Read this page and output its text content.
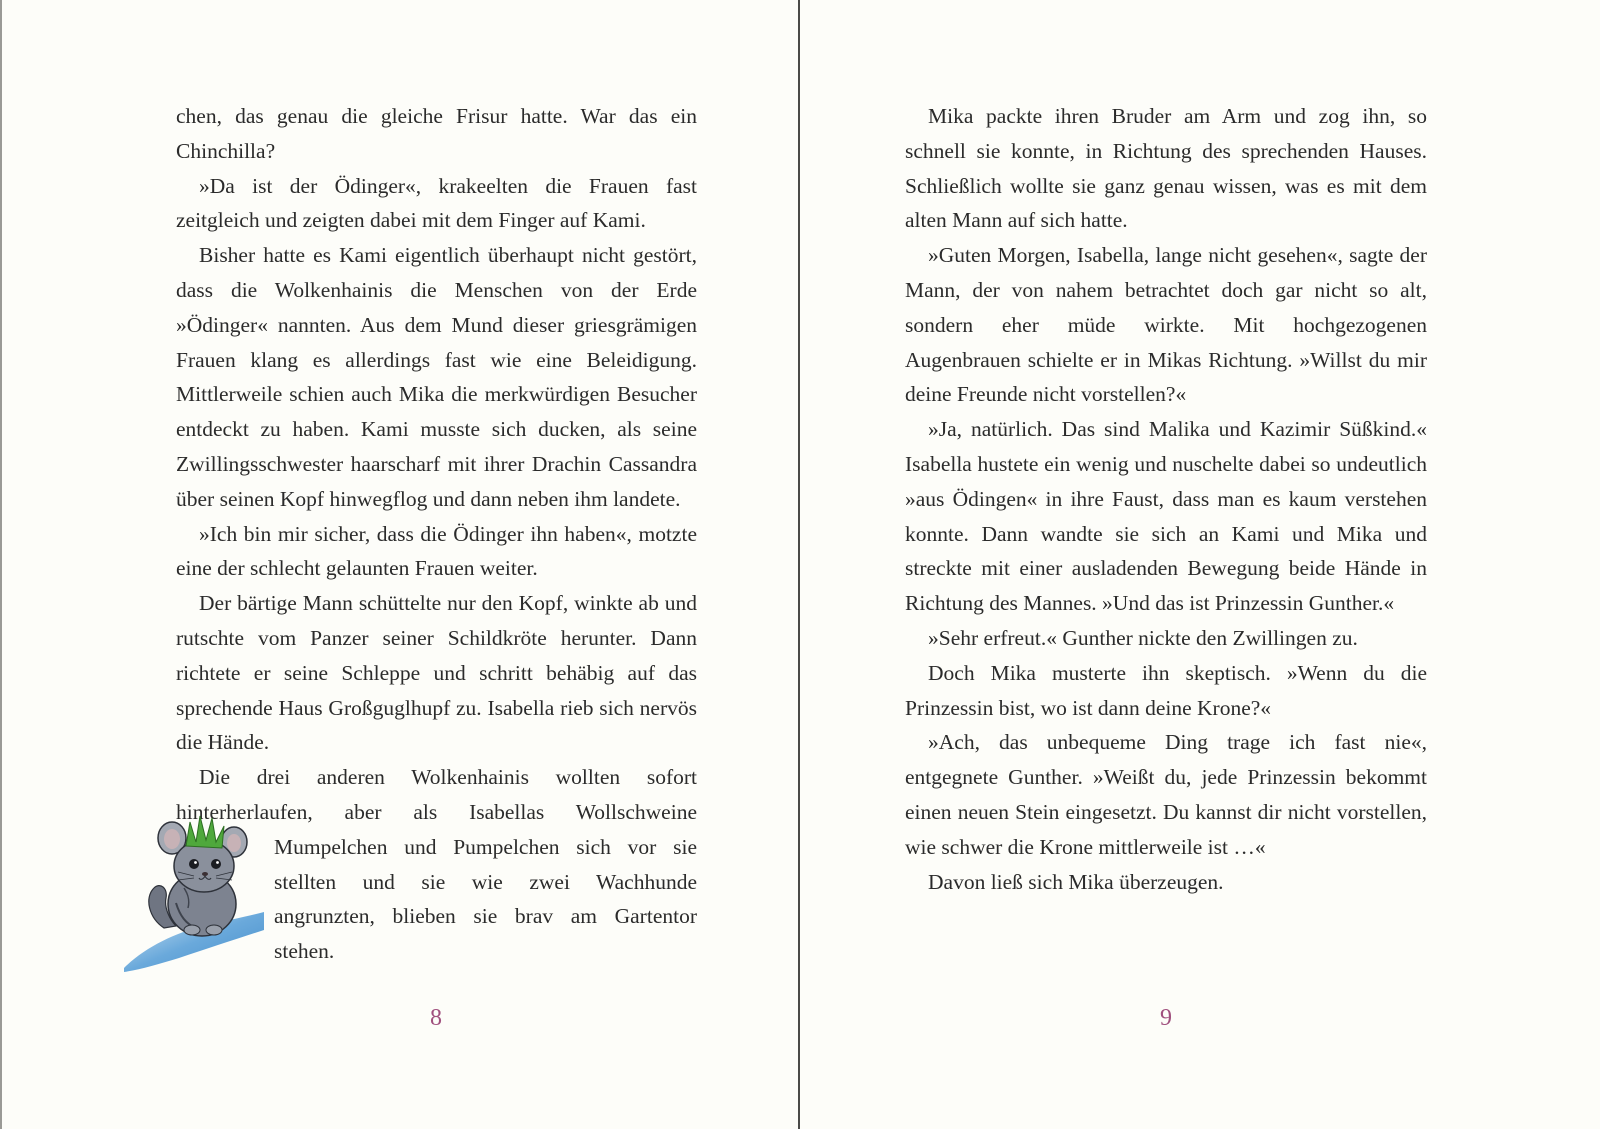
chen, das genau die gleiche Frisur hatte. War das ein Chinchilla?

»Da ist der Ödinger«, krakeelten die Frauen fast zeitgleich und zeigten dabei mit dem Finger auf Kami.

Bisher hatte es Kami eigentlich überhaupt nicht gestört, dass die Wolkenhainis die Menschen von der Erde »Ödinger« nannten. Aus dem Mund dieser griesgrämigen Frauen klang es allerdings fast wie eine Beleidigung. Mittlerweile schien auch Mika die merkwürdigen Besucher entdeckt zu haben. Kami musste sich ducken, als seine Zwillingsschwester haarscharf mit ihrer Drachin Cassandra über seinen Kopf hinwegflog und dann neben ihm landete.

»Ich bin mir sicher, dass die Ödinger ihn haben«, motzte eine der schlecht gelaunten Frauen weiter.

Der bärtige Mann schüttelte nur den Kopf, winkte ab und rutschte vom Panzer seiner Schildkröte herunter. Dann richtete er seine Schleppe und schritt behäbig auf das sprechende Haus Großguglhupf zu. Isabella rieb sich nervös die Hände.

Die drei anderen Wolkenhainis wollten sofort hinter
herlaufen, aber als Isabellas Wollschweine Mumpelchen und Pumpelchen sich vor sie stellten und sie wie zwei Wachhunde angrunzten, blieben sie brav am Gartentor stehen.

8

Mika packte ihren Bruder am Arm und zog ihn, so schnell sie konnte, in Richtung des sprechenden Hauses. Schließlich wollte sie ganz genau wissen, was es mit dem alten Mann auf sich hatte.

»Guten Morgen, Isabella, lange nicht gesehen«, sagte der Mann, der von nahem betrachtet doch gar nicht so alt, sondern eher müde wirkte. Mit hochgezogenen Augenbrauen schielte er in Mikas Richtung. »Willst du mir deine Freunde nicht vorstellen?«

»Ja, natürlich. Das sind Malika und Kazimir Süßkind.« Isabella hustete ein wenig und nuschelte dabei so undeutlich »aus Ödingen« in ihre Faust, dass man es kaum verstehen konnte. Dann wandte sie sich an Kami und Mika und streckte mit einer ausladenden Bewegung beide Hände in Richtung des Mannes. »Und das ist Prinzessin Gunther.«

»Sehr erfreut.« Gunther nickte den Zwillingen zu.

Doch Mika musterte ihn skeptisch. »Wenn du die Prinzessin bist, wo ist dann deine Krone?«

»Ach, das unbequeme Ding trage ich fast nie«, entgegnete Gunther. »Weißt du, jede Prinzessin bekommt einen neuen Stein eingesetzt. Du kannst dir nicht vorstellen, wie schwer die Krone mittlerweile ist …«

Davon ließ sich Mika überzeugen.

9
